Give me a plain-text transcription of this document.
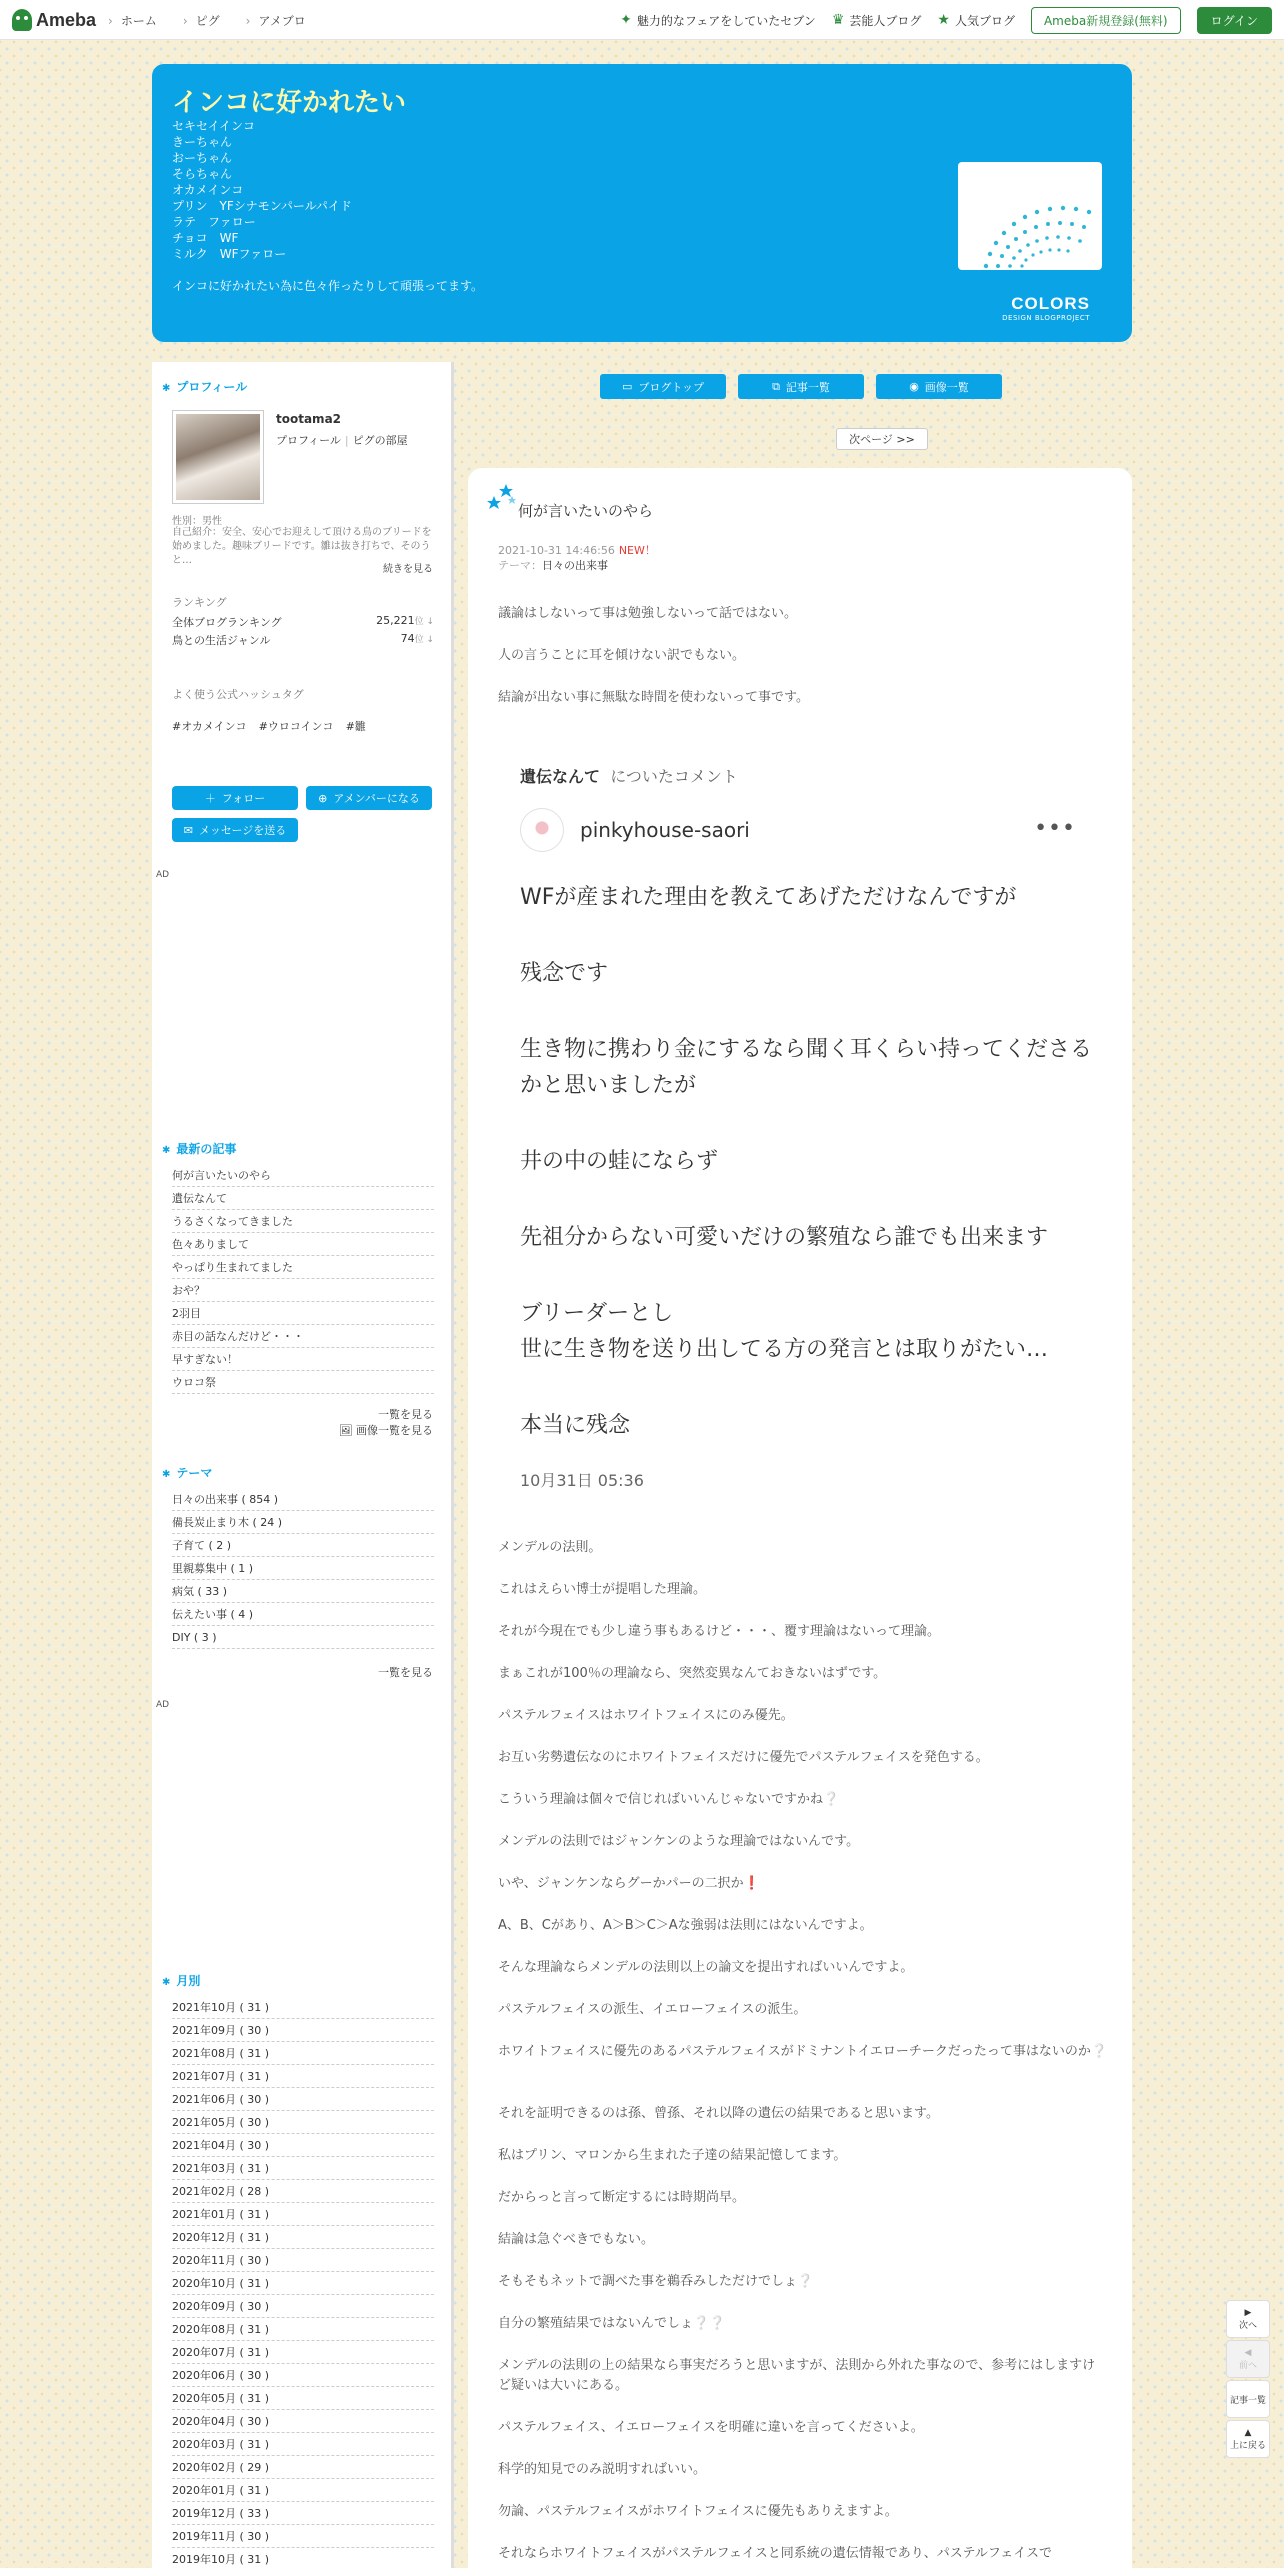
Ameba	› ホーム	› ピグ	› アメブロ	✦ 魅力的なフェアをしていたセブン ♛ 芸能人ブログ ★ 人気ブログ	Ameba新規登録(無料)	ログイン
インコに好かれたい
セキセイインコ
きーちゃん
おーちゃん
そらちゃん
オカメインコ
プリン　YFシナモンパールパイド
ラテ　ファロー
チョコ　WF
ミルク　WFファロー
インコに好かれたい為に色々作ったりして頑張ってます。
COLORS
DESIGN BLOGPROJECT
✱ プロフィール
tootama2
プロフィール | ピグの部屋
性別：男性
自己紹介：安全、安心でお迎えして頂ける鳥のブリードを始めました。趣味ブリードです。雛は抜き打ちで、そのうと…
続きを見る
ランキング
全体ブログランキング	25,221位 ↓
鳥との生活ジャンル	74位 ↓
よく使う公式ハッシュタグ
#オカメインコ #ウロコインコ #雛
＋ フォロー	⊕ アメンバーになる
✉ メッセージを送る
AD
✱ 最新の記事
何が言いたいのやら
遺伝なんて
うるさくなってきました
色々ありまして
やっぱり生まれてました
おや？
2羽目
赤目の話なんだけど・・・
早すぎない！
ウロコ祭
一覧を見る
🖼 画像一覧を見る
✱ テーマ
日々の出来事 ( 854 )
備長炭止まり木 ( 24 )
子育て ( 2 )
里親募集中 ( 1 )
病気 ( 33 )
伝えたい事 ( 4 )
DIY ( 3 )
一覧を見る
AD
✱ 月別
2021年10月 ( 31 )
2021年09月 ( 30 )
2021年08月 ( 31 )
2021年07月 ( 31 )
2021年06月 ( 30 )
2021年05月 ( 30 )
2021年04月 ( 30 )
2021年03月 ( 31 )
2021年02月 ( 28 )
2021年01月 ( 31 )
2020年12月 ( 31 )
2020年11月 ( 30 )
2020年10月 ( 31 )
2020年09月 ( 30 )
2020年08月 ( 31 )
2020年07月 ( 31 )
2020年06月 ( 30 )
2020年05月 ( 31 )
2020年04月 ( 30 )
2020年03月 ( 31 )
2020年02月 ( 29 )
2020年01月 ( 31 )
2019年12月 ( 33 )
2019年11月 ( 30 )
2019年10月 ( 31 )
▭ ブログトップ	⧉ 記事一覧	◉ 画像一覧
次ページ >>
何が言いたいのやら
2021-10-31 14:46:56 NEW！
テーマ：日々の出来事
議論はしないって事は勉強しないって話ではない。
人の言うことに耳を傾けない訳でもない。
結論が出ない事に無駄な時間を使わないって事です。
遺伝なんて についたコメント
pinkyhouse-saori	•••
WFが産まれた理由を教えてあげただけなんですが
残念です
生き物に携わり金にするなら聞く耳くらい持ってくださるかと思いましたが
井の中の蛙にならず
先祖分からない可愛いだけの繁殖なら誰でも出来ます
ブリーダーとし
世に生き物を送り出してる方の発言とは取りがたい…
本当に残念
10月31日 05:36
メンデルの法則。
これはえらい博士が提唱した理論。
それが今現在でも少し違う事もあるけど・・・、覆す理論はないって理論。
まぁこれが100％の理論なら、突然変異なんておきないはずです。
パステルフェイスはホワイトフェイスにのみ優先。
お互い劣勢遺伝なのにホワイトフェイスだけに優先でパステルフェイスを発色する。
こういう理論は個々で信じればいいんじゃないですかね❔
メンデルの法則ではジャンケンのような理論ではないんです。
いや、ジャンケンならグーかパーの二択か❗
A、B、Cがあり、A＞B＞C＞Aな強弱は法則にはないんですよ。
そんな理論ならメンデルの法則以上の論文を提出すればいいんですよ。
パステルフェイスの派生、イエローフェイスの派生。
ホワイトフェイスに優先のあるパステルフェイスがドミナントイエローチークだったって事はないのか❔
それを証明できるのは孫、曾孫、それ以降の遺伝の結果であると思います。
私はプリン、マロンから生まれた子達の結果記憶してます。
だからっと言って断定するには時期尚早。
結論は急ぐべきでもない。
そもそもネットで調べた事を鵜呑みしただけでしょ❔
自分の繁殖結果ではないんでしょ❔❔
メンデルの法則の上の結果なら事実だろうと思いますが、法則から外れた事なので、参考にはしますけど疑いは大いにある。
パステルフェイス、イエローフェイスを明確に違いを言ってくださいよ。
科学的知見でのみ説明すればいい。
勿論、パステルフェイスがホワイトフェイスに優先もありえますよ。
それならホワイトフェイスがパステルフェイスと同系統の遺伝情報であり、パステルフェイスで
▶
次へ
◀
前へ
記事一覧
▲
上に戻る
